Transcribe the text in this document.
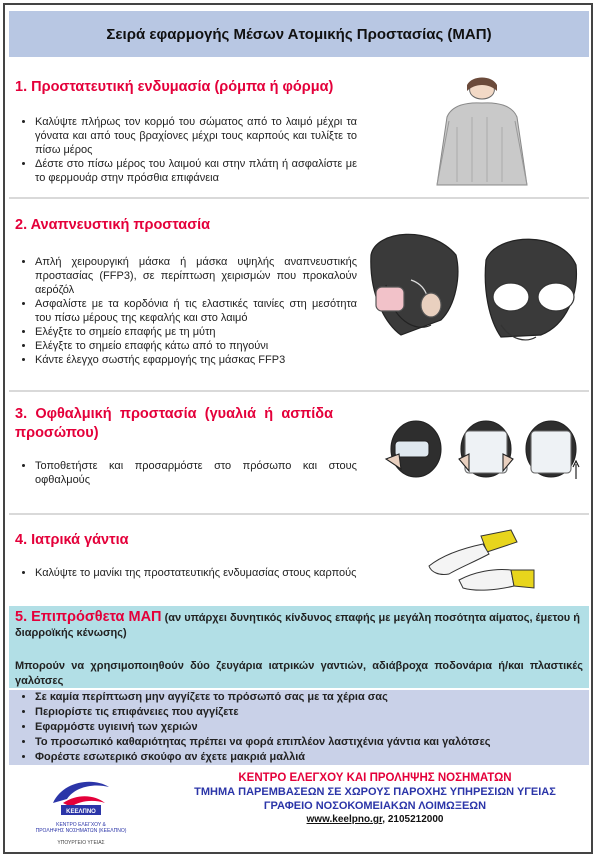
Σειρά εφαρμογής Μέσων Ατομικής Προστασίας (ΜΑΠ)
1. Προστατευτική ενδυμασία (ρόμπα ή φόρμα)
• Καλύψτε πλήρως τον κορμό του σώματος από το λαιμό μέχρι τα γόνατα και από τους βραχίονες μέχρι τους καρπούς και τυλίξτε το πίσω μέρος
• Δέστε στο πίσω μέρος του λαιμού και στην πλάτη ή ασφαλίστε με το φερμουάρ στην πρόσθια επιφάνεια
2. Αναπνευστική προστασία
• Απλή χειρουργική μάσκα ή μάσκα υψηλής αναπνευστικής προστασίας (FFP3), σε περίπτωση χειρισμών που προκαλούν αερόζόλ
• Ασφαλίστε με τα κορδόνια ή τις ελαστικές ταινίες στη μεσότητα του πίσω μέρους της κεφαλής και στο λαιμό
• Ελέγξτε το σημείο επαφής με τη μύτη
• Ελέγξτε το σημείο επαφής κάτω από το πηγούνι
• Κάντε έλεγχο σωστής εφαρμογής της μάσκας FFP3
3. Οφθαλμική προστασία (γυαλιά ή ασπίδα προσώπου)
• Τοποθετήστε και προσαρμόστε στο πρόσωπο και στους οφθαλμούς
4. Ιατρικά γάντια
• Καλύψτε το μανίκι της προστατευτικής ενδυμασίας στους καρπούς
5. Επιπρόσθετα ΜΑΠ (αν υπάρχει δυνητικός κίνδυνος επαφής με μεγάλη ποσότητα αίματος, έμετου ή διαρροϊκής κένωσης)
Μπορούν να χρησιμοποιηθούν δύο ζευγάρια ιατρικών γαντιών, αδιάβροχα ποδονάρια ή/και πλαστικές γαλότσες
• Σε καμία περίπτωση μην αγγίζετε το πρόσωπό σας με τα χέρια σας
• Περιορίστε τις επιφάνειες που αγγίζετε
• Εφαρμόστε υγιεινή των χεριών
• Το προσωπικό καθαριότητας πρέπει να φορά επιπλέον λαστιχένια γάντια και γαλότσες
• Φορέστε εσωτερικό σκούφο αν έχετε μακριά μαλλιά
ΚΕΕΛΠΝΟ
ΚΕΝΤΡΟ ΕΛΕΓΧΟΥ &
ΠΡΟΛΗΨΗΣ ΝΟΣΗΜΑΤΩΝ (ΚΕΕΛΠΝΟ)
ΥΠΟΥΡΓΕΙΟ ΥΓΕΙΑΣ
ΚΕΝΤΡΟ ΕΛΕΓΧΟΥ ΚΑΙ ΠΡΟΛΗΨΗΣ ΝΟΣΗΜΑΤΩΝ
ΤΜΗΜΑ ΠΑΡΕΜΒΑΣΕΩΝ ΣΕ ΧΩΡΟΥΣ ΠΑΡΟΧΗΣ ΥΠΗΡΕΣΙΩΝ ΥΓΕΙΑΣ
ΓΡΑΦΕΙΟ ΝΟΣΟΚΟΜΕΙΑΚΩΝ ΛΟΙΜΩΞΕΩΝ
www.keelpno.gr, 2105212000
